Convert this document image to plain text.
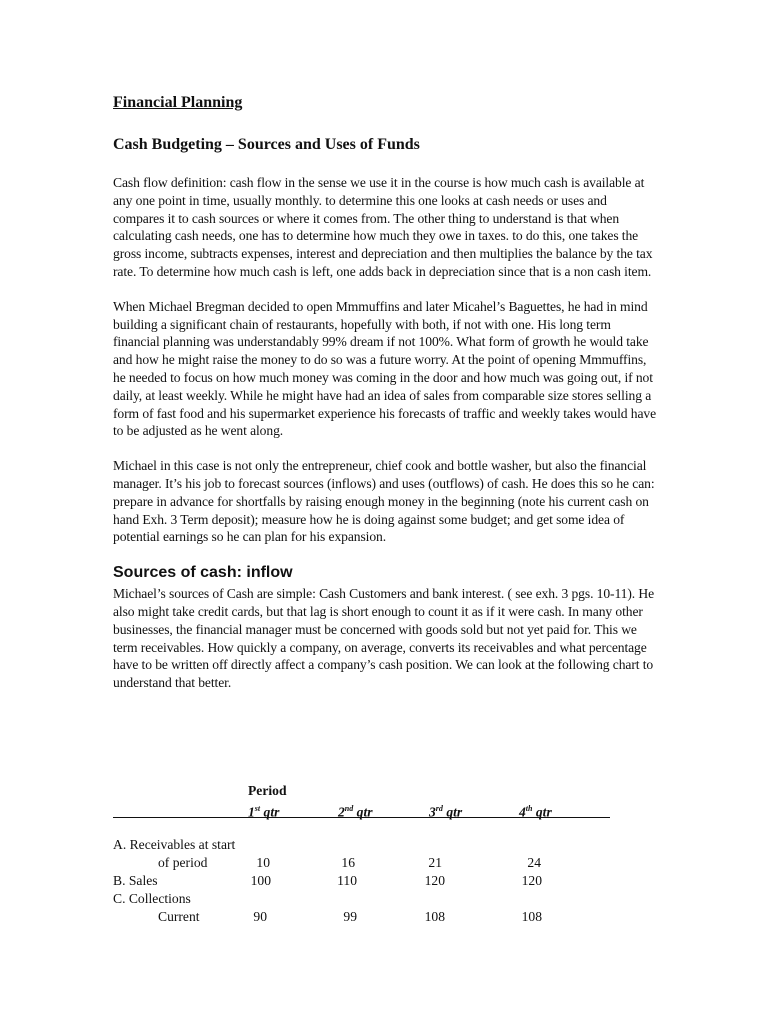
Financial Planning
Cash Budgeting – Sources and Uses of Funds

Cash flow definition: cash flow in the sense we use it in the course is how much cash is available at any one point in time, usually monthly. to determine this one looks at cash needs or uses and compares it to cash sources or where it comes from. The other thing to understand is that when calculating cash needs, one has to determine how much they owe in taxes. to do this, one takes the gross income, subtracts expenses, interest and depreciation and then multiplies the balance by the tax rate. To determine how much cash is left, one adds back in depreciation since that is a non cash item.

When Michael Bregman decided to open Mmmuffins and later Micahel’s Baguettes, he had in mind building a significant chain of restaurants, hopefully with both, if not with one. His long term financial planning was understandably 99% dream if not 100%. What form of growth he would take and how he might raise the money to do so was a future worry. At the point of opening Mmmuffins, he needed to focus on how much money was coming in the door and how much was going out, if not daily, at least weekly. While he might have had an idea of sales from comparable size stores selling a form of fast food and his supermarket experience his forecasts of traffic and weekly takes would have to be adjusted as he went along.

Michael in this case is not only the entrepreneur, chief cook and bottle washer, but also the financial manager. It’s his job to forecast sources (inflows) and uses (outflows) of cash. He does this so he can: prepare in advance for shortfalls by raising enough money in the beginning (note his current cash on hand Exh. 3 Term deposit); measure how he is doing against some budget; and get some idea of potential earnings so he can plan for his expansion.

Sources of cash: inflow

Michael’s sources of Cash are simple: Cash Customers and bank interest. ( see exh. 3 pgs. 10-11). He also might take credit cards, but that lag is short enough to count it as if it were cash. In many other businesses, the financial manager must be concerned with goods sold but not yet paid for. This we term receivables. How quickly a company, on average, converts its receivables and what percentage have to be written off directly affect a company’s cash position. We can look at the following chart to understand that better.

Period
1st qtr	2nd qtr	3rd qtr	4th qtr
A. Receivables at start
of period	10	16	21	24
B. Sales	100	110	120	120
C. Collections
Current	90	99	108	108
